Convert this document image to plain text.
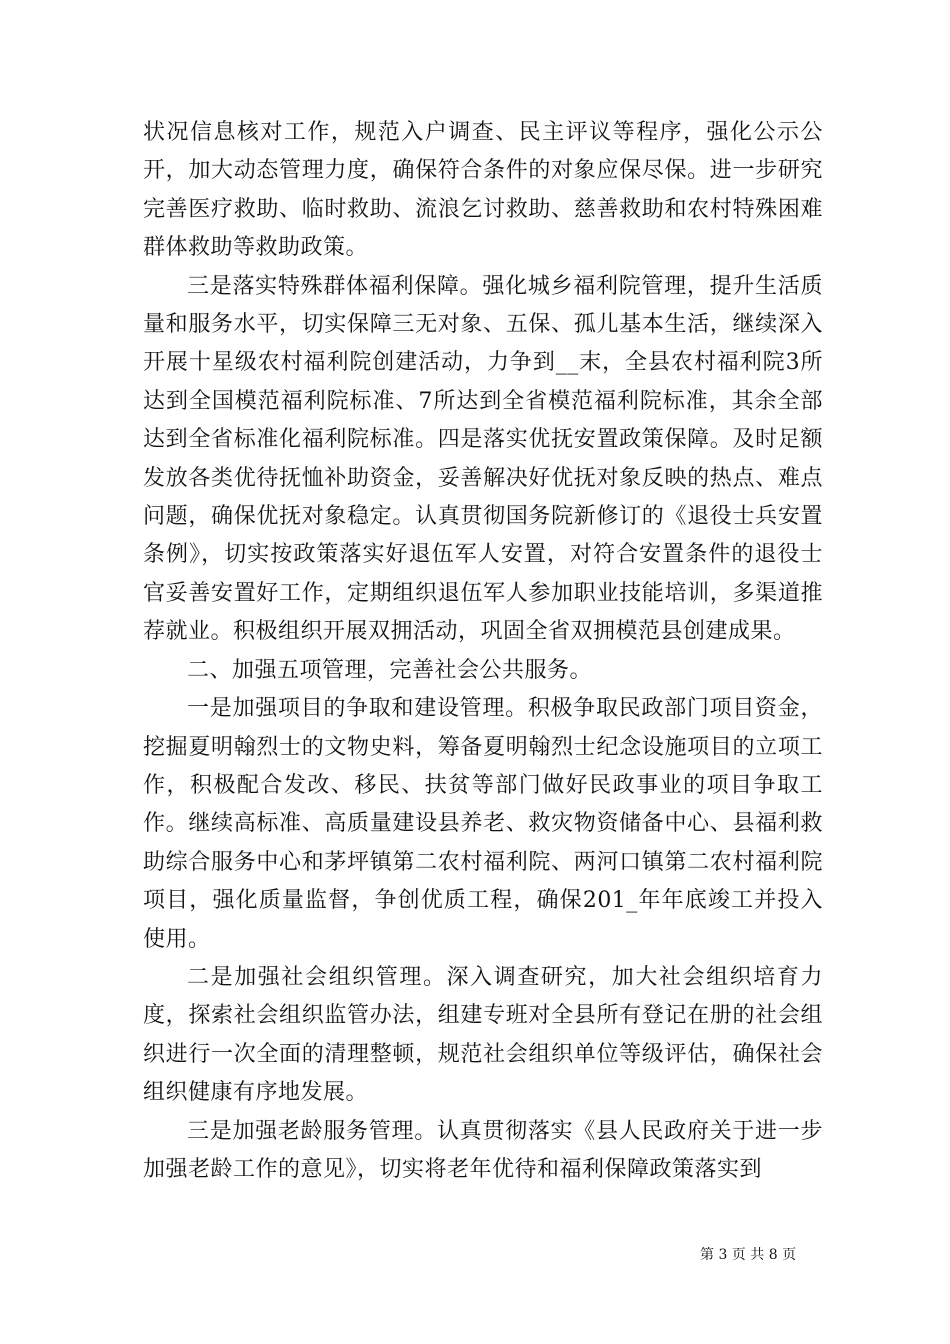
状况信息核对工作，规范入户调查、民主评议等程序，强化公示公开，加大动态管理力度，确保符合条件的对象应保尽保。进一步研究完善医疗救助、临时救助、流浪乞讨救助、慈善救助和农村特殊困难群体救助等救助政策。

三是落实特殊群体福利保障。强化城乡福利院管理，提升生活质量和服务水平，切实保障三无对象、五保、孤儿基本生活，继续深入开展十星级农村福利院创建活动，力争到__末，全县农村福利院3所达到全国模范福利院标准、7所达到全省模范福利院标准，其余全部达到全省标准化福利院标准。四是落实优抚安置政策保障。及时足额发放各类优待抚恤补助资金，妥善解决好优抚对象反映的热点、难点问题，确保优抚对象稳定。认真贯彻国务院新修订的《退役士兵安置条例》，切实按政策落实好退伍军人安置，对符合安置条件的退役士官妥善安置好工作，定期组织退伍军人参加职业技能培训，多渠道推荐就业。积极组织开展双拥活动，巩固全省双拥模范县创建成果。

二、加强五项管理，完善社会公共服务。

一是加强项目的争取和建设管理。积极争取民政部门项目资金，挖掘夏明翰烈士的文物史料，筹备夏明翰烈士纪念设施项目的立项工作，积极配合发改、移民、扶贫等部门做好民政事业的项目争取工作。继续高标准、高质量建设县养老、救灾物资储备中心、县福利救助综合服务中心和茅坪镇第二农村福利院、两河口镇第二农村福利院项目，强化质量监督，争创优质工程，确保201_年年底竣工并投入使用。

二是加强社会组织管理。深入调查研究，加大社会组织培育力度，探索社会组织监管办法，组建专班对全县所有登记在册的社会组织进行一次全面的清理整顿，规范社会组织单位等级评估，确保社会组织健康有序地发展。

三是加强老龄服务管理。认真贯彻落实《县人民政府关于进一步加强老龄工作的意见》，切实将老年优待和福利保障政策落实到

第 3 页 共 8 页
